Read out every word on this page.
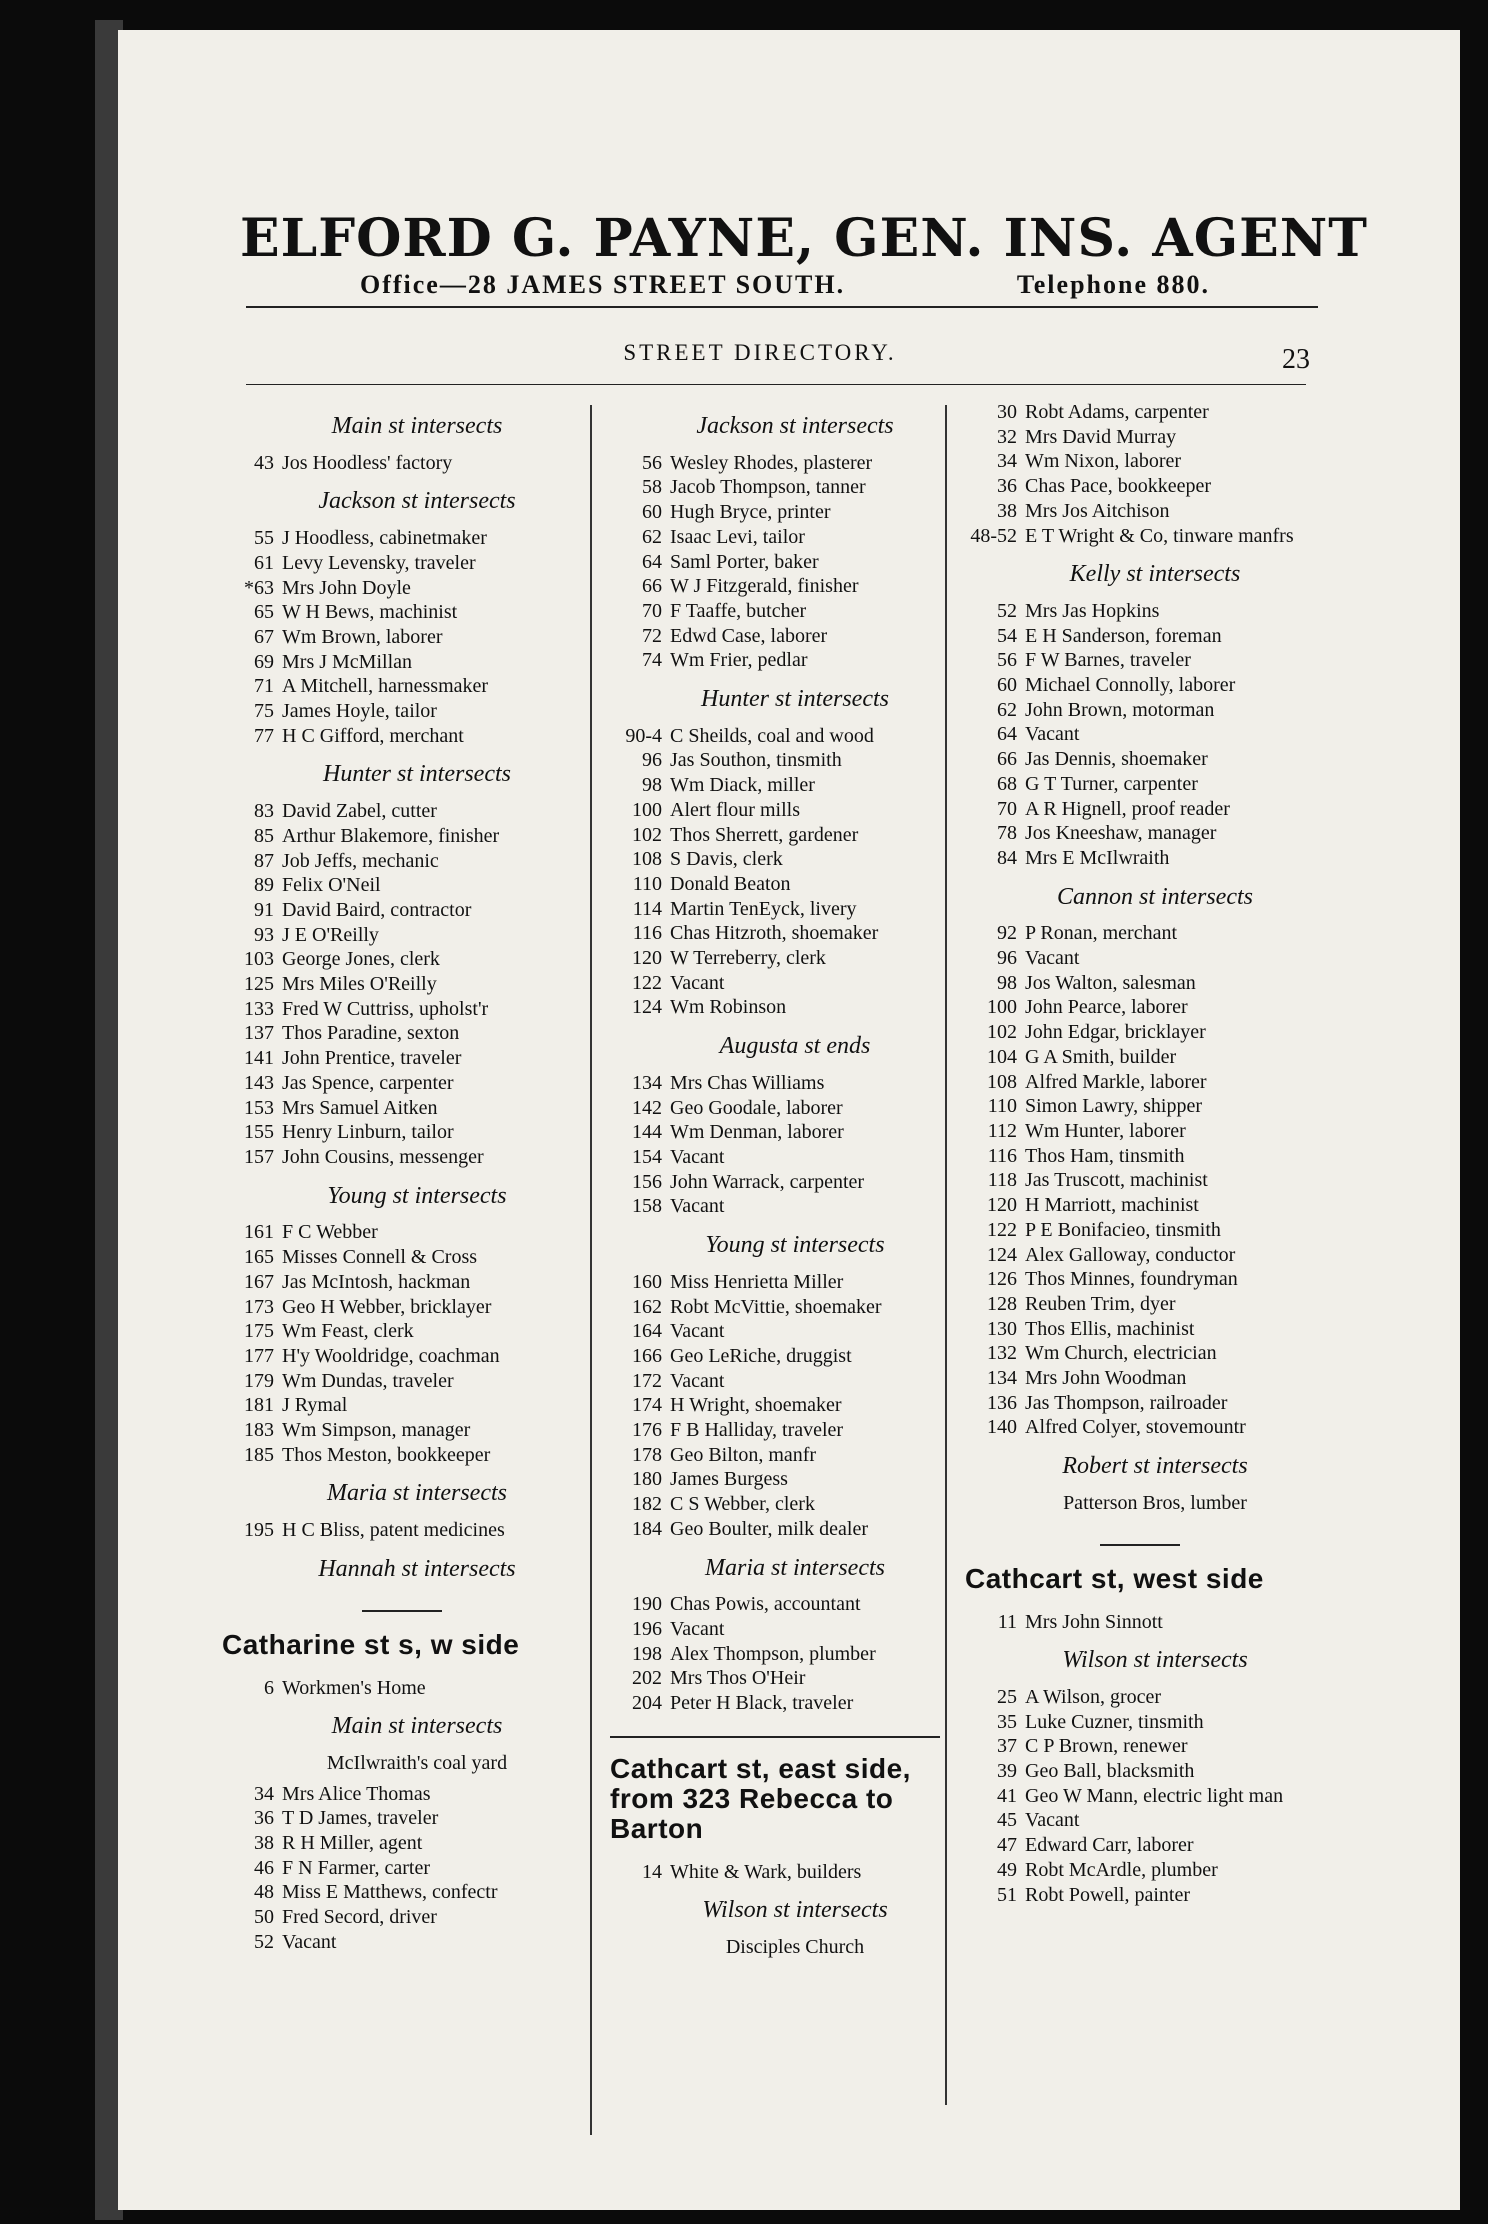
ELFORD G. PAYNE, GEN. INS. AGENT
Office—28 JAMES STREET SOUTH.	Telephone 880.
STREET DIRECTORY.	23
Main st intersects
43 Jos Hoodless' factory
Jackson st intersects
55 J Hoodless, cabinetmaker
61 Levy Levensky, traveler
*63 Mrs John Doyle
65 W H Bews, machinist
67 Wm Brown, laborer
69 Mrs J McMillan
71 A Mitchell, harnessmaker
75 James Hoyle, tailor
77 H C Gifford, merchant
Hunter st intersects
83 David Zabel, cutter
85 Arthur Blakemore, finisher
87 Job Jeffs, mechanic
89 Felix O'Neil
91 David Baird, contractor
93 J E O'Reilly
103 George Jones, clerk
125 Mrs Miles O'Reilly
133 Fred W Cuttriss, upholst'r
137 Thos Paradine, sexton
141 John Prentice, traveler
143 Jas Spence, carpenter
153 Mrs Samuel Aitken
155 Henry Linburn, tailor
157 John Cousins, messenger
Young st intersects
161 F C Webber
165 Misses Connell & Cross
167 Jas McIntosh, hackman
173 Geo H Webber, bricklayer
175 Wm Feast, clerk
177 H'y Wooldridge, coachman
179 Wm Dundas, traveler
181 J Rymal
183 Wm Simpson, manager
185 Thos Meston, bookkeeper
Maria st intersects
195 H C Bliss, patent medicines
Hannah st intersects
Catharine st s, w side
6 Workmen's Home
Main st intersects
McIlwraith's coal yard
34 Mrs Alice Thomas
36 T D James, traveler
38 R H Miller, agent
46 F N Farmer, carter
48 Miss E Matthews, confectr
50 Fred Secord, driver
52 Vacant
Jackson st intersects
56 Wesley Rhodes, plasterer
58 Jacob Thompson, tanner
60 Hugh Bryce, printer
62 Isaac Levi, tailor
64 Saml Porter, baker
66 W J Fitzgerald, finisher
70 F Taaffe, butcher
72 Edwd Case, laborer
74 Wm Frier, pedlar
Hunter st intersects
90-4 C Sheilds, coal and wood
96 Jas Southon, tinsmith
98 Wm Diack, miller
100 Alert flour mills
102 Thos Sherrett, gardener
108 S Davis, clerk
110 Donald Beaton
114 Martin TenEyck, livery
116 Chas Hitzroth, shoemaker
120 W Terreberry, clerk
122 Vacant
124 Wm Robinson
Augusta st ends
134 Mrs Chas Williams
142 Geo Goodale, laborer
144 Wm Denman, laborer
154 Vacant
156 John Warrack, carpenter
158 Vacant
Young st intersects
160 Miss Henrietta Miller
162 Robt McVittie, shoemaker
164 Vacant
166 Geo LeRiche, druggist
172 Vacant
174 H Wright, shoemaker
176 F B Halliday, traveler
178 Geo Bilton, manfr
180 James Burgess
182 C S Webber, clerk
184 Geo Boulter, milk dealer
Maria st intersects
190 Chas Powis, accountant
196 Vacant
198 Alex Thompson, plumber
202 Mrs Thos O'Heir
204 Peter H Black, traveler
Cathcart st, east side, from 323 Rebecca to Barton
14 White & Wark, builders
Wilson st intersects
Disciples Church
30 Robt Adams, carpenter
32 Mrs David Murray
34 Wm Nixon, laborer
36 Chas Pace, bookkeeper
38 Mrs Jos Aitchison
48-52 E T Wright & Co, tinware manfrs
Kelly st intersects
52 Mrs Jas Hopkins
54 E H Sanderson, foreman
56 F W Barnes, traveler
60 Michael Connolly, laborer
62 John Brown, motorman
64 Vacant
66 Jas Dennis, shoemaker
68 G T Turner, carpenter
70 A R Hignell, proof reader
78 Jos Kneeshaw, manager
84 Mrs E McIlwraith
Cannon st intersects
92 P Ronan, merchant
96 Vacant
98 Jos Walton, salesman
100 John Pearce, laborer
102 John Edgar, bricklayer
104 G A Smith, builder
108 Alfred Markle, laborer
110 Simon Lawry, shipper
112 Wm Hunter, laborer
116 Thos Ham, tinsmith
118 Jas Truscott, machinist
120 H Marriott, machinist
122 P E Bonifacieo, tinsmith
124 Alex Galloway, conductor
126 Thos Minnes, foundryman
128 Reuben Trim, dyer
130 Thos Ellis, machinist
132 Wm Church, electrician
134 Mrs John Woodman
136 Jas Thompson, railroader
140 Alfred Colyer, stovemountr
Robert st intersects
Patterson Bros, lumber
Cathcart st, west side
11 Mrs John Sinnott
Wilson st intersects
25 A Wilson, grocer
35 Luke Cuzner, tinsmith
37 C P Brown, renewer
39 Geo Ball, blacksmith
41 Geo W Mann, electric light man
45 Vacant
47 Edward Carr, laborer
49 Robt McArdle, plumber
51 Robt Powell, painter
